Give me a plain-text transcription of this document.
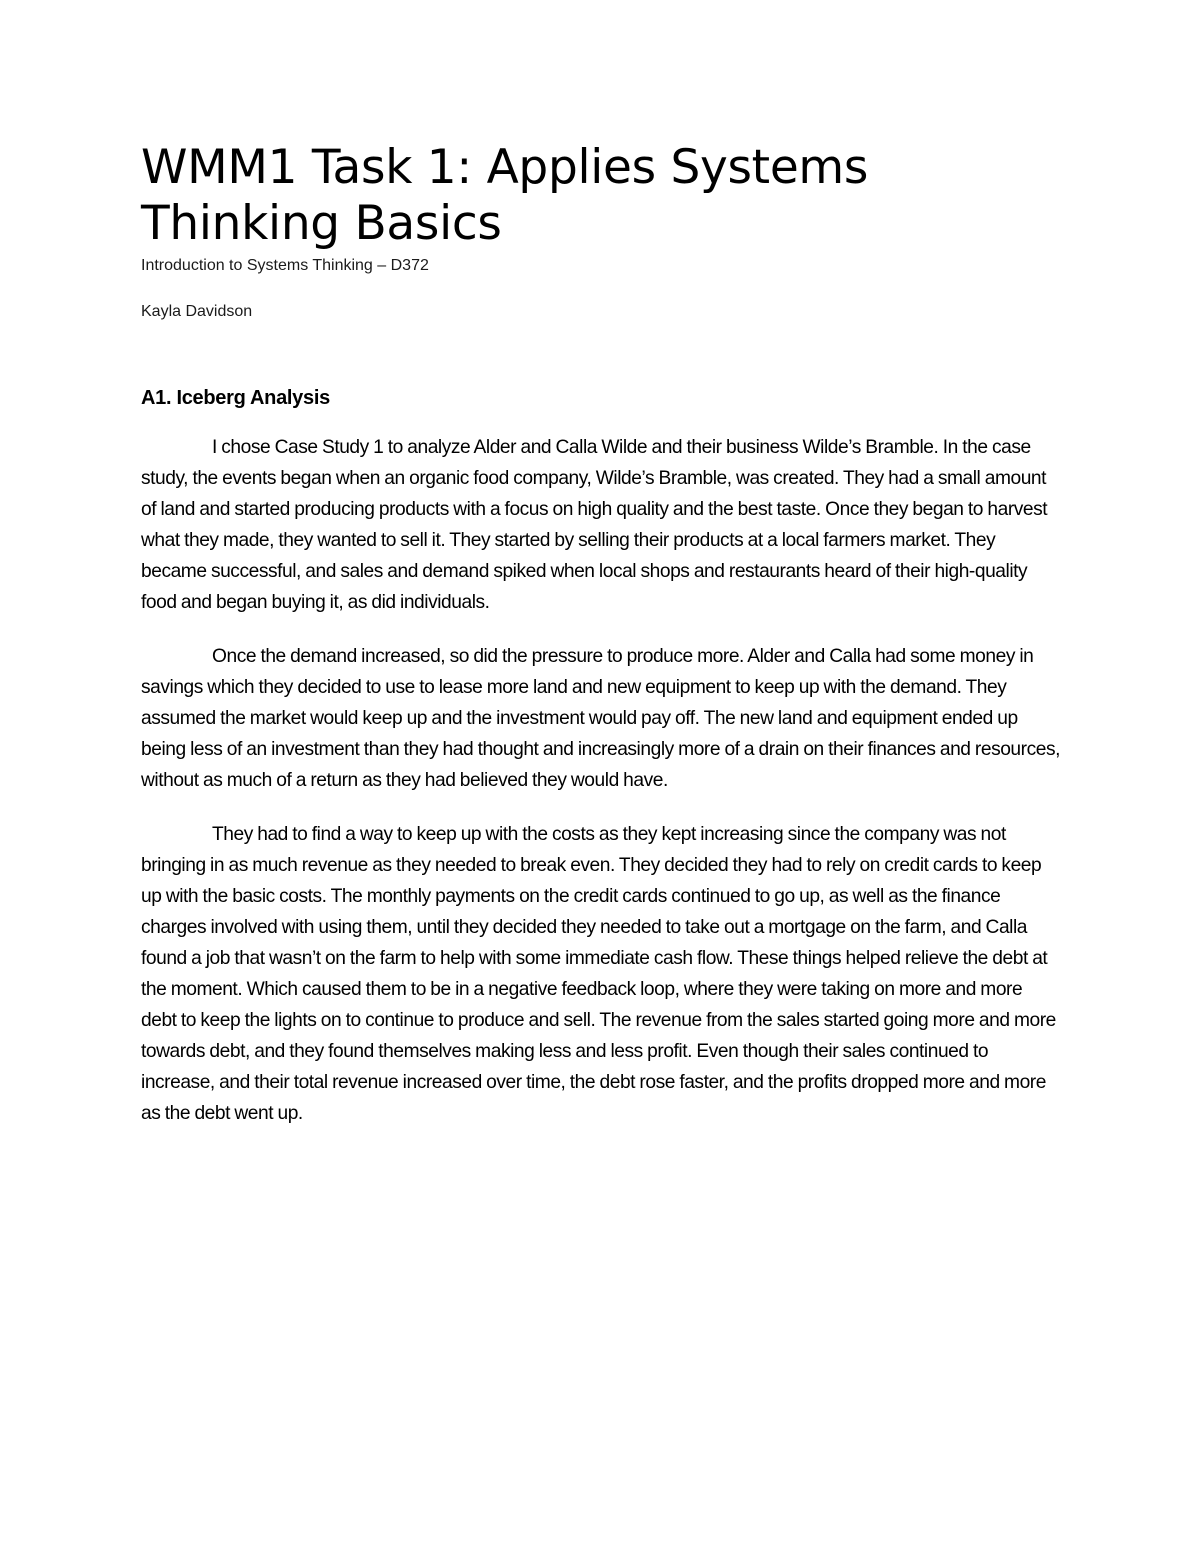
WMM1 Task 1: Applies Systems Thinking Basics

Introduction to Systems Thinking – D372

Kayla Davidson

A1. Iceberg Analysis

I chose Case Study 1 to analyze Alder and Calla Wilde and their business Wilde’s Bramble. In the case study, the events began when an organic food company, Wilde’s Bramble, was created. They had a small amount of land and started producing products with a focus on high quality and the best taste. Once they began to harvest what they made, they wanted to sell it. They started by selling their products at a local farmers market. They became successful, and sales and demand spiked when local shops and restaurants heard of their high-quality food and began buying it, as did individuals.

Once the demand increased, so did the pressure to produce more. Alder and Calla had some money in savings which they decided to use to lease more land and new equipment to keep up with the demand. They assumed the market would keep up and the investment would pay off. The new land and equipment ended up being less of an investment than they had thought and increasingly more of a drain on their finances and resources, without as much of a return as they had believed they would have.

They had to find a way to keep up with the costs as they kept increasing since the company was not bringing in as much revenue as they needed to break even. They decided they had to rely on credit cards to keep up with the basic costs. The monthly payments on the credit cards continued to go up, as well as the finance charges involved with using them, until they decided they needed to take out a mortgage on the farm, and Calla found a job that wasn’t on the farm to help with some immediate cash flow. These things helped relieve the debt at the moment. Which caused them to be in a negative feedback loop, where they were taking on more and more debt to keep the lights on to continue to produce and sell. The revenue from the sales started going more and more towards debt, and they found themselves making less and less profit. Even though their sales continued to increase, and their total revenue increased over time, the debt rose faster, and the profits dropped more and more as the debt went up.
